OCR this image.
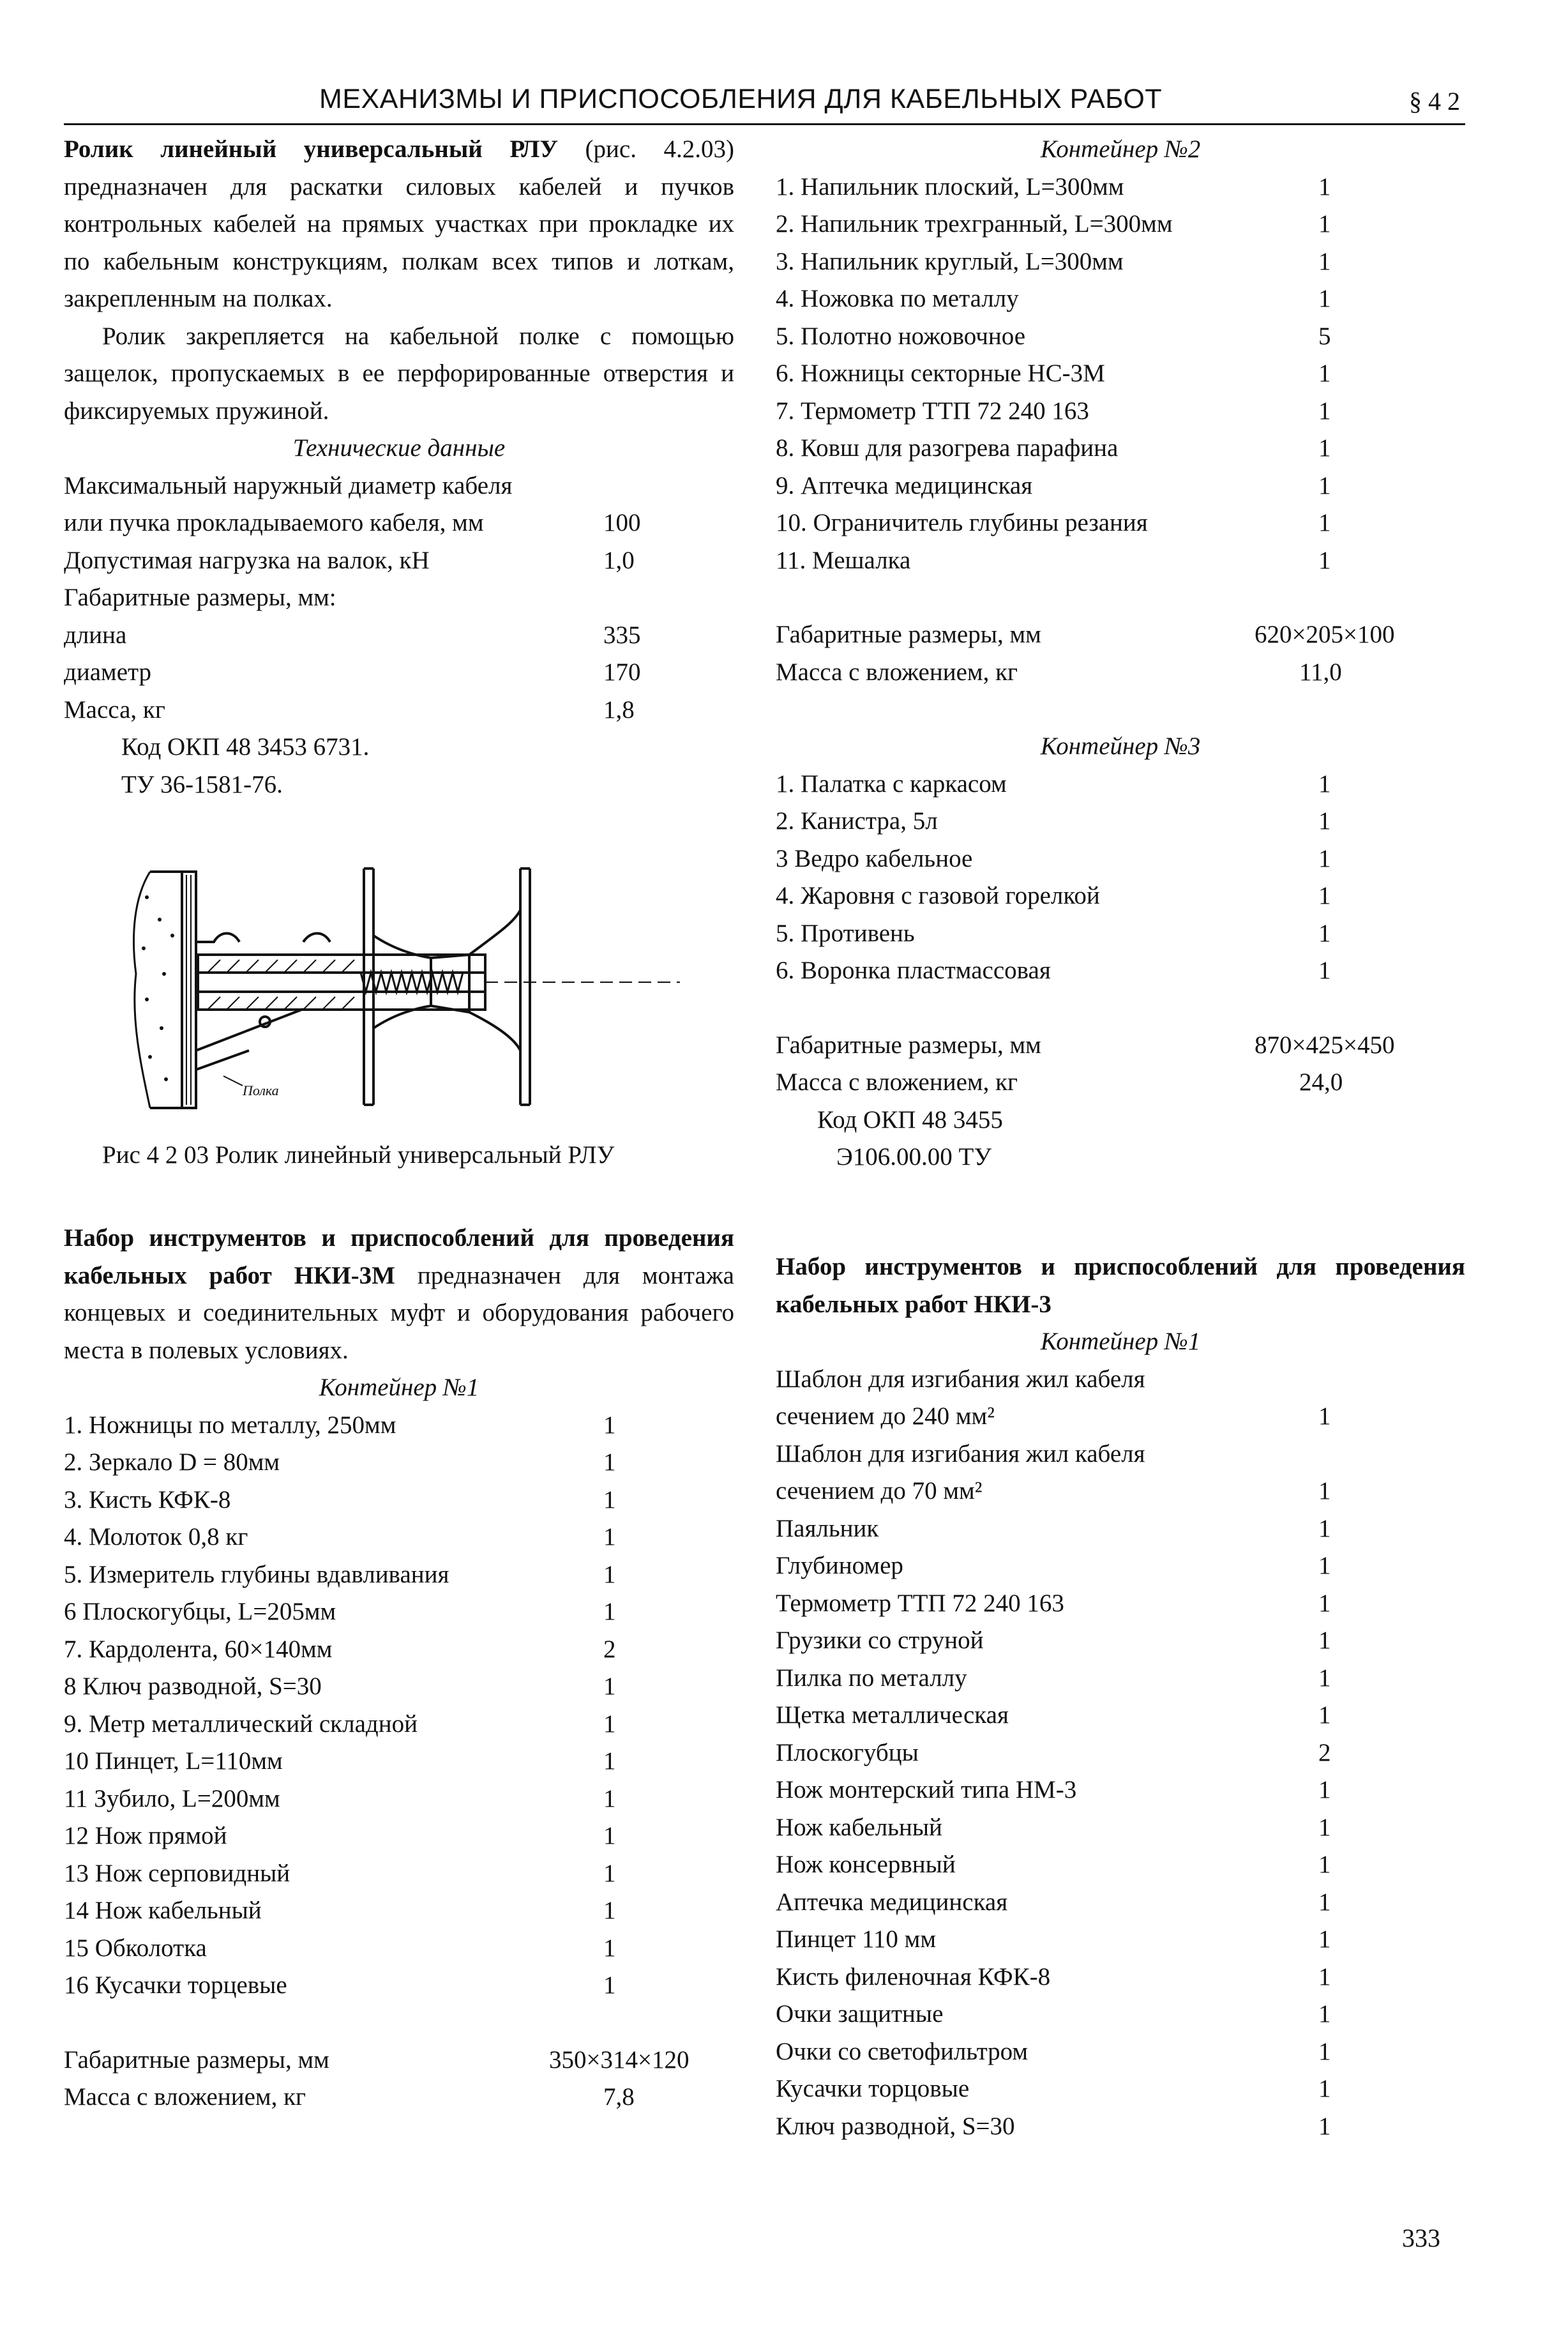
МЕХАНИЗМЫ И ПРИСПОСОБЛЕНИЯ ДЛЯ КАБЕЛЬНЫХ РАБОТ	§ 4 2

Ролик линейный универсальный РЛУ (рис. 4.2.03) предназначен для раскатки силовых кабелей и пучков контрольных кабелей на прямых участках при прокладке их по кабельным конструкциям, полкам всех типов и лоткам, закрепленным на полках.

Ролик закрепляется на кабельной полке с помощью защелок, пропускаемых в ее перфорированные отверстия и фиксируемых пружиной.

Технические данные

Максимальный наружный диаметр кабеля
или пучка прокладываемого кабеля, мм	100
Допустимая нагрузка на валок, кН	1,0
Габаритные размеры, мм:
длина	335
диаметр	170
Масса, кг	1,8
Код ОКП 48 3453 6731.
ТУ 36-1581-76.
Полка
Рис 4 2 03 Ролик линейный универсальный РЛУ

Набор инструментов и приспособлений для проведения кабельных работ НКИ-3М предназначен для монтажа концевых и соединительных муфт и оборудования рабочего места в полевых условиях.

Контейнер №1

1. Ножницы по металлу, 250мм	1
2. Зеркало D = 80мм	1
3. Кисть КФК-8	1
4. Молоток 0,8 кг	1
5. Измеритель глубины вдавливания	1
6 Плоскогубцы, L=205мм	1
7. Кардолента, 60×140мм	2
8 Ключ разводной, S=30	1
9. Метр металлический складной	1
10 Пинцет, L=110мм	1
11 Зубило, L=200мм	1
12 Нож прямой	1
13 Нож серповидный	1
14 Нож кабельный	1
15 Обколотка	1
16 Кусачки торцевые	1
Габаритные размеры, мм	350×314×120
Масса с вложением, кг	7,8

Контейнер №2

1. Напильник плоский, L=300мм	1
2. Напильник трехгранный, L=300мм	1
3. Напильник круглый, L=300мм	1
4. Ножовка по металлу	1
5. Полотно ножовочное	5
6. Ножницы секторные НС-3М	1
7. Термометр ТТП 72 240 163	1
8. Ковш для разогрева парафина	1
9. Аптечка медицинская	1
10. Ограничитель глубины резания	1
11. Мешалка	1
Габаритные размеры, мм	620×205×100
Масса с вложением, кг	11,0

Контейнер №3

1. Палатка с каркасом	1
2. Канистра, 5л	1
3 Ведро кабельное	1
4. Жаровня с газовой горелкой	1
5. Противень	1
6. Воронка пластмассовая	1
Габаритные размеры, мм	870×425×450
Масса с вложением, кг	24,0
Код ОКП 48 3455
Э106.00.00 ТУ

Набор инструментов и приспособлений для проведения кабельных работ НКИ-3

Контейнер №1

Шаблон для изгибания жил кабеля
сечением до 240 мм²	1
Шаблон для изгибания жил кабеля
сечением до 70 мм²	1
Паяльник	1
Глубиномер	1
Термометр ТТП 72 240 163	1
Грузики со струной	1
Пилка по металлу	1
Щетка металлическая	1
Плоскогубцы	2
Нож монтерский типа НМ-3	1
Нож кабельный	1
Нож консервный	1
Аптечка медицинская	1
Пинцет 110 мм	1
Кисть филеночная КФК-8	1
Очки защитные	1
Очки со светофильтром	1
Кусачки торцовые	1
Ключ разводной, S=30	1
333
